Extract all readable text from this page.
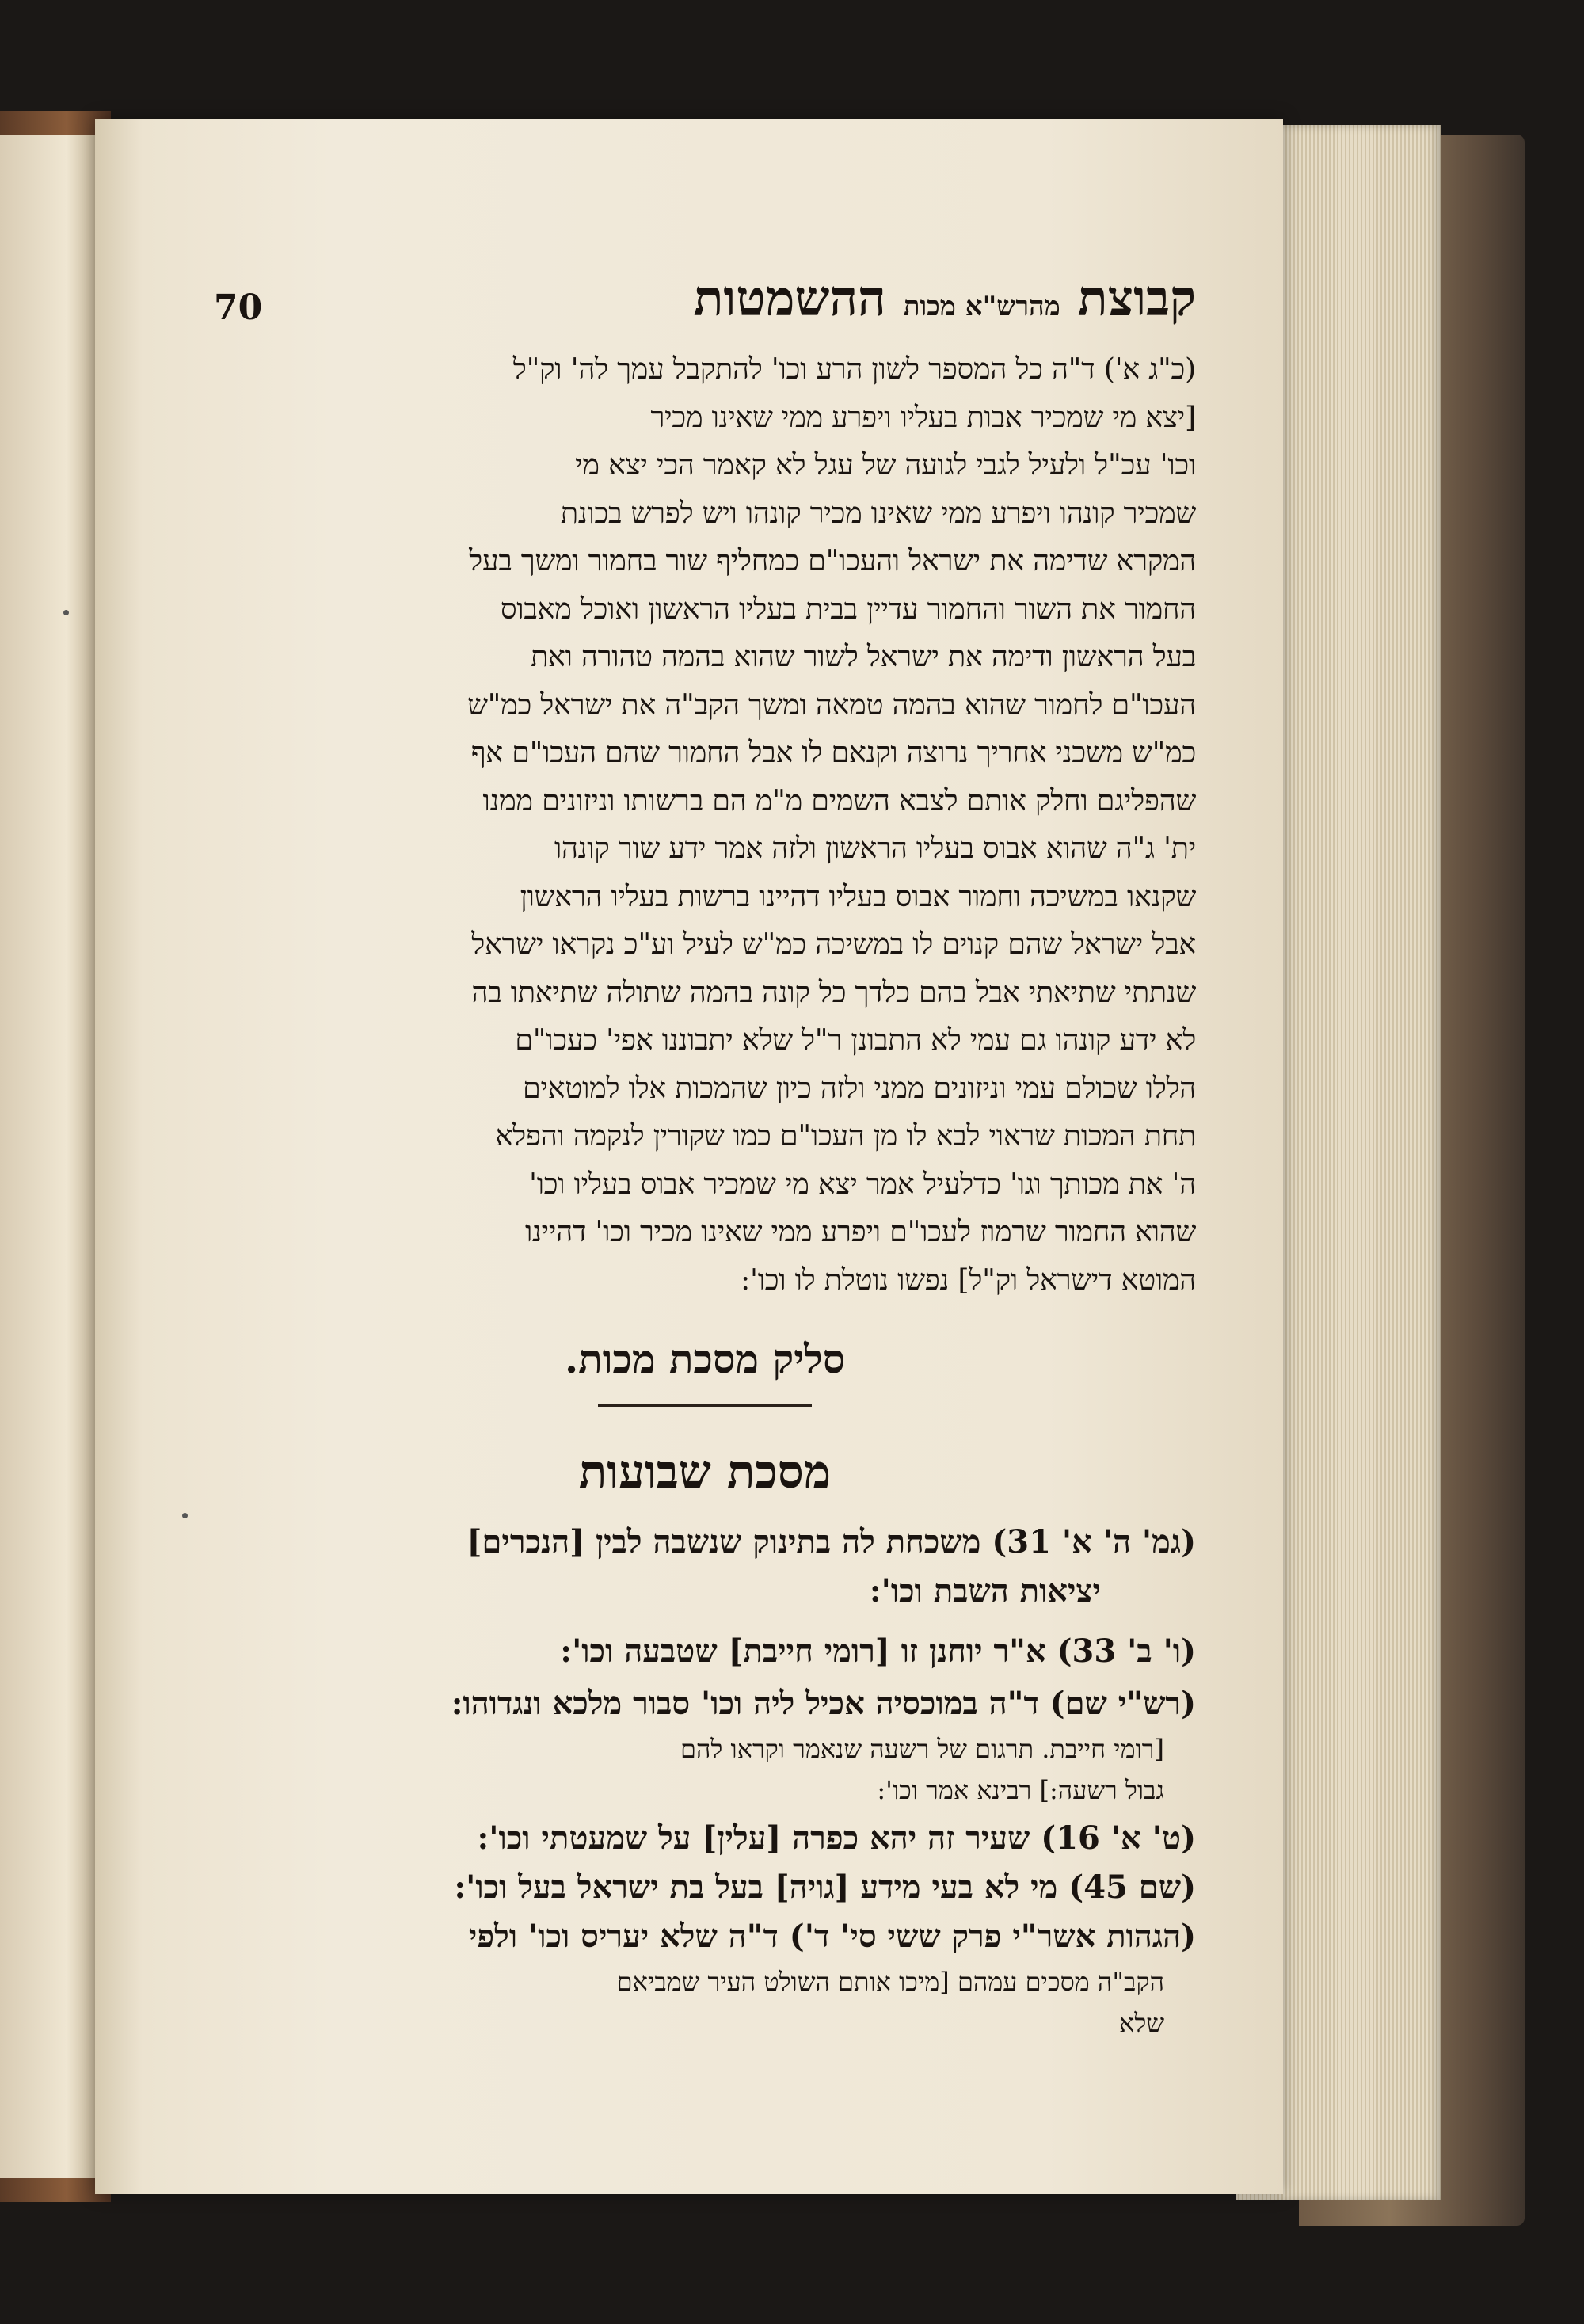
קבוצת
מהרש"א מכות
ההשמטות
70

(כ"ג א') ד"ה כל המספר לשון הרע וכו' להתקבל עמך לה' וק"ל

[יצא מי שמכיר אבות בעליו ויפרע ממי שאינו מכיר

וכו' עכ"ל ולעיל לגבי לגועה של עגל לא קאמר הכי יצא מי

שמכיר קונהו ויפרע ממי שאינו מכיר קונהו ויש לפרש בכונת

המקרא שדימה את ישראל והעכו"ם כמחליף שור בחמור ומשך בעל

החמור את השור והחמור עדיין בבית בעליו הראשון ואוכל מאבוס

בעל הראשון ודימה את ישראל לשור שהוא בהמה טהורה ואת

העכו"ם לחמור שהוא בהמה טמאה ומשך הקב"ה את ישראל כמ"ש

כמ"ש משכני אחריך נרוצה וקנאם לו אבל החמור שהם העכו"ם אף

שהפליגם וחלק אותם לצבא השמים מ"מ הם ברשותו וניזונים ממנו

ית' ג"ה שהוא אבוס בעליו הראשון ולזה אמר ידע שור קונהו

שקנאו במשיכה וחמור אבוס בעליו דהיינו ברשות בעליו הראשון

אבל ישראל שהם קנוים לו במשיכה כמ"ש לעיל וע"כ נקראו ישראל

שנתתי שתיאתי אבל בהם כלדך כל קונה בהמה שתולה שתיאתו בה

לא ידע קונהו גם עמי לא התבונן ר"ל שלא יתבוננו אפי' כעכו"ם

הללו שכולם עמי וניזונים ממני ולזה כיון שהמכות אלו למוטאים

תחת המכות שראוי לבא לו מן העכו"ם כמו שקורין לנקמה והפלא

ה' את מכותך וגו' כדלעיל אמר יצא מי שמכיר אבוס בעליו וכו'

שהוא החמור שרמוז לעכו"ם ויפרע ממי שאינו מכיר וכו' דהיינו

המוטא דישראל וק"ל] נפשו נוטלת לו וכו':

סליק מסכת מכות.
מסכת שבועות
(גמ' ה' א' 31) משכחת לה בתינוק שנשבה לבין [הנכרים]
יציאות השבת וכו':
(ו' ב' 33) א"ר יוחנן זו [רומי חייבת] שטבעה וכו':
(רש"י שם) ד"ה במוכסיה אכיל ליה וכו' סבור מלכא ונגדוהו:
[רומי חייבת. תרגום של רשעה שנאמר וקראו להם
גבול רשעה:] רבינא אמר וכו':
(ט' א' 16) שעיר זה יהא כפרה [עלין] על שמעטתי וכו':
(שם 45) מי לא בעי מידע [גויה] בעל בת ישראל בעל וכו':
(הגהות אשר"י פרק ששי סי' ד') ד"ה שלא יעריס וכו' ולפי
הקב"ה מסכים עמהם [מיכו אותם השולט העיר שמביאם
שלא
